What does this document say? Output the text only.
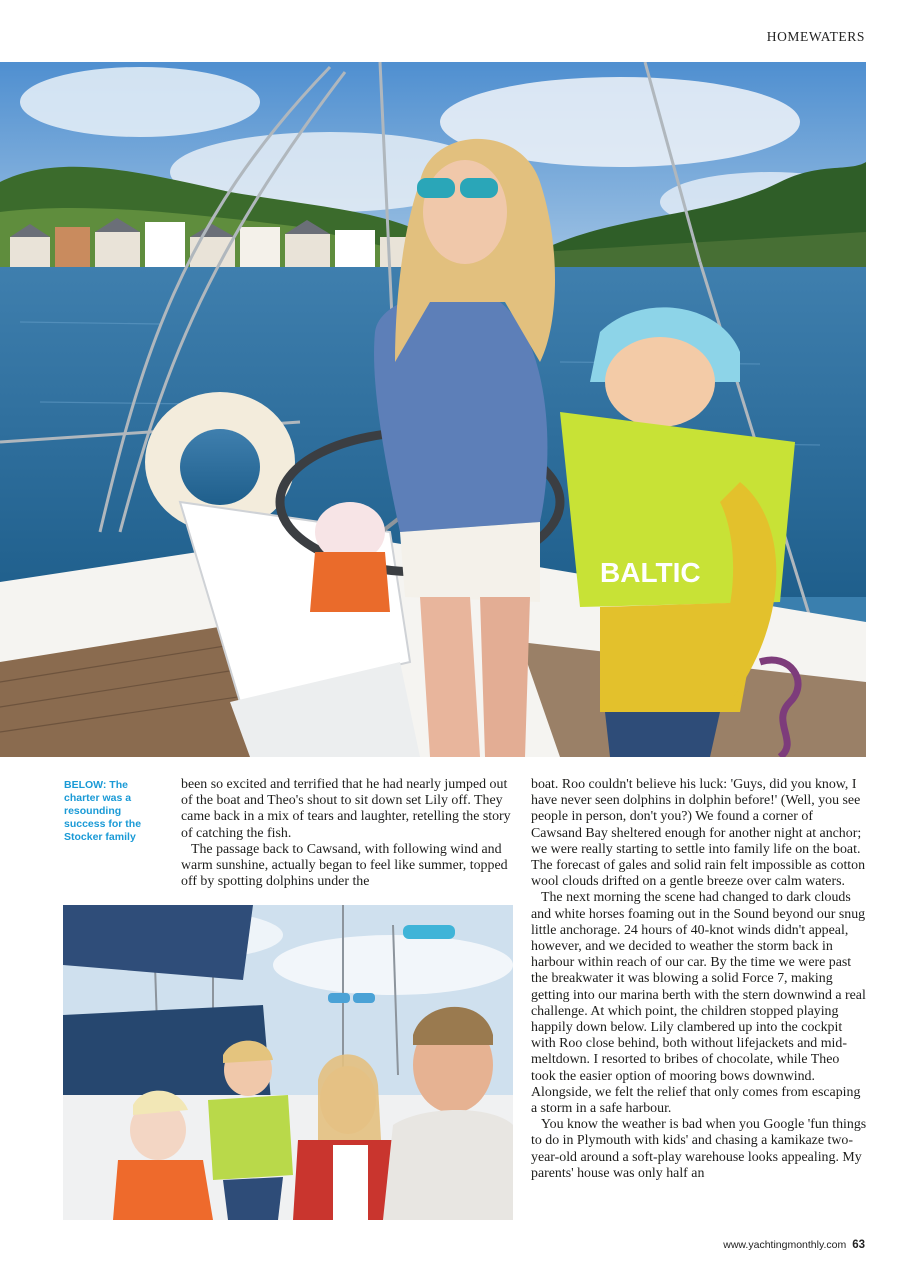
HOMEWATERS
BALTIC
BELOW: The charter was a resounding success for the Stocker family

been so excited and terrified that he had nearly jumped out of the boat and Theo's shout to sit down set Lily off. They came back in a mix of tears and laughter, retelling the story of catching the fish.

The passage back to Cawsand, with following wind and warm sunshine, actually began to feel like summer, topped off by spotting dolphins under the

boat. Roo couldn't believe his luck: 'Guys, did you know, I have never seen dolphins in dolphin before!' (Well, you see people in person, don't you?) We found a corner of Cawsand Bay sheltered enough for another night at anchor; we were really starting to settle into family life on the boat. The forecast of gales and solid rain felt impossible as cotton wool clouds drifted on a gentle breeze over calm waters.

The next morning the scene had changed to dark clouds and white horses foaming out in the Sound beyond our snug little anchorage. 24 hours of 40-knot winds didn't appeal, however, and we decided to weather the storm back in harbour within reach of our car. By the time we were past the breakwater it was blowing a solid Force 7, making getting into our marina berth with the stern downwind a real challenge. At which point, the children stopped playing happily down below. Lily clambered up into the cockpit with Roo close behind, both without lifejackets and mid-meltdown. I resorted to bribes of chocolate, while Theo took the easier option of mooring bows downwind. Alongside, we felt the relief that only comes from escaping a storm in a safe harbour.

You know the weather is bad when you Google 'fun things to do in Plymouth with kids' and chasing a kamikaze two-year-old around a soft-play warehouse looks appealing. My parents' house was only half an

www.yachtingmonthly.com 63
